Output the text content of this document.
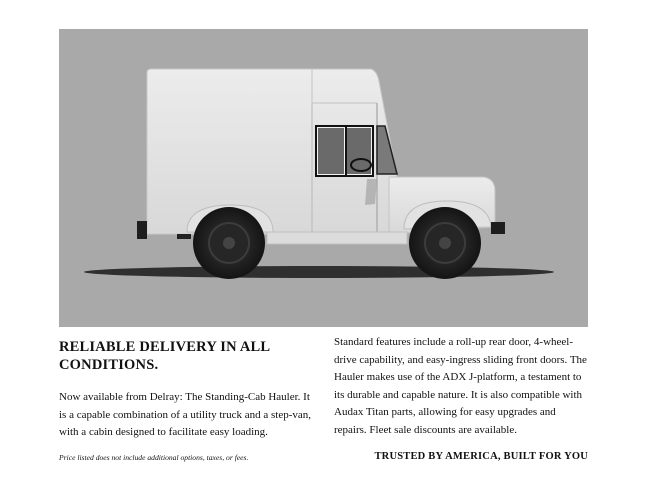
RELIABLE DELIVERY IN ALL CONDITIONS.

Now available from Delray: The Standing-Cab Hauler. It is a capable combination of a utility truck and a step-van, with a cabin designed to facilitate easy loading.

Standard features include a roll-up rear door, 4-wheel-drive capability, and easy-ingress sliding front doors. The Hauler makes use of the ADX J-platform, a testament to its durable and capable nature. It is also compatible with Audax Titan parts, allowing for easy upgrades and repairs. Fleet sale discounts are available.

Price listed does not include additional options, taxes, or fees.	TRUSTED BY AMERICA, BUILT FOR YOU
